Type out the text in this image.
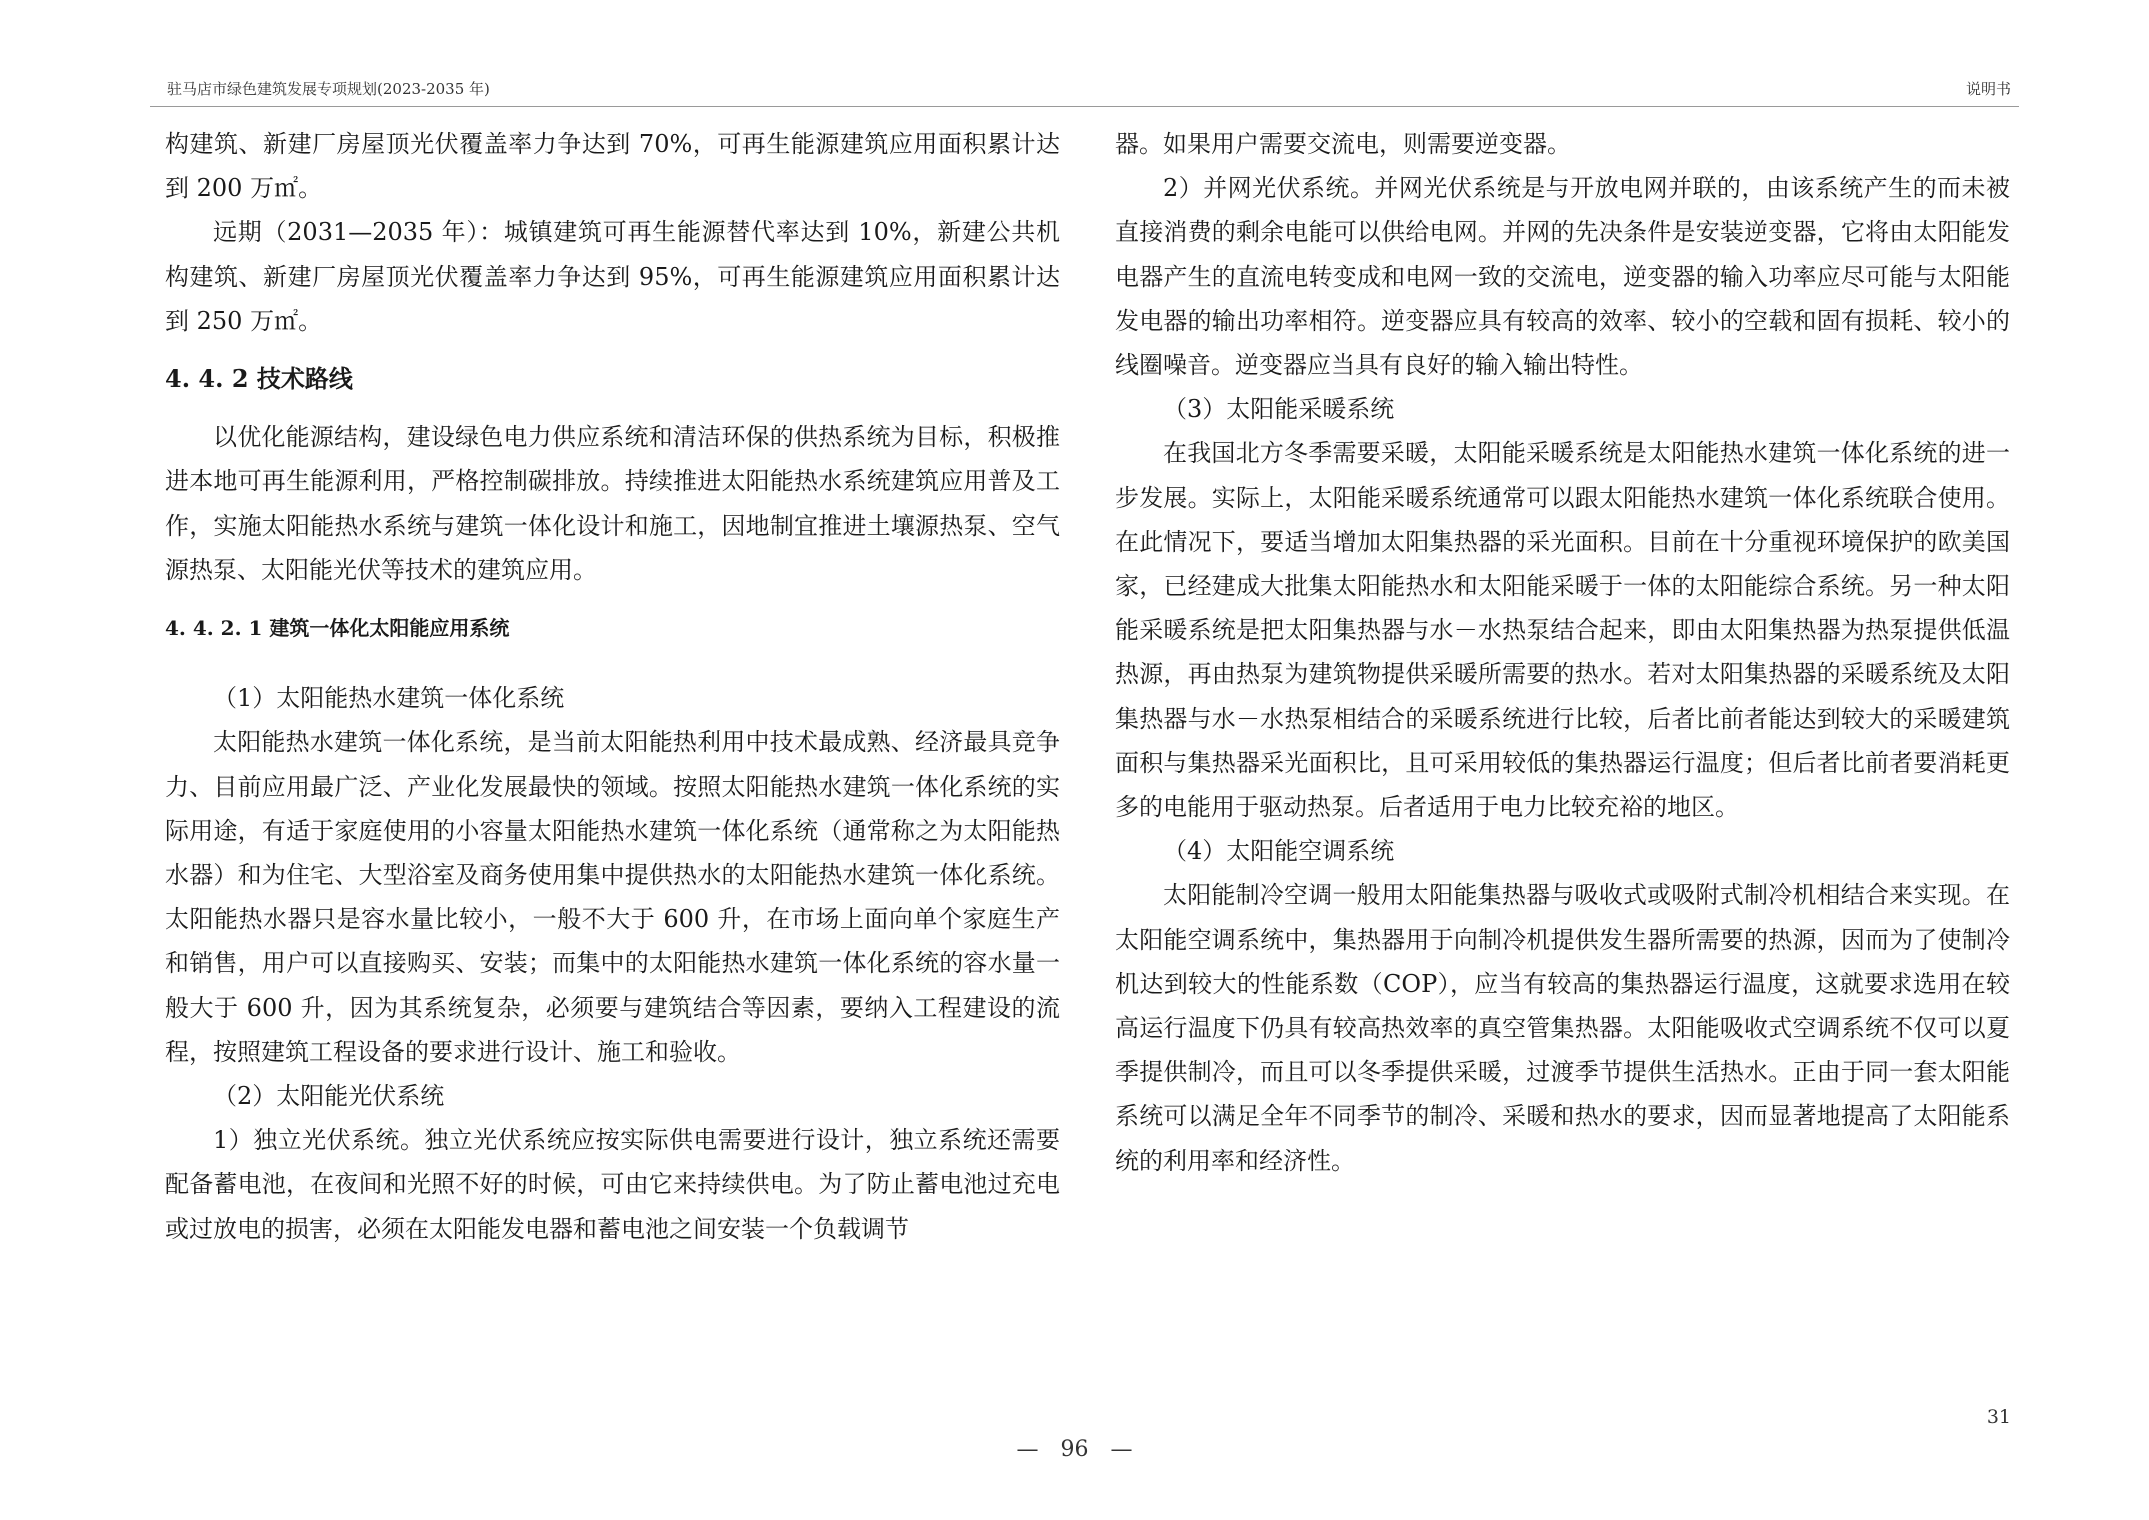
驻马店市绿色建筑发展专项规划(2023-2035 年)	说明书

构建筑、新建厂房屋顶光伏覆盖率力争达到 70%，可再生能源建筑应用面积累计达到 200 万㎡。

远期（2031—2035 年）：城镇建筑可再生能源替代率达到 10%，新建公共机构建筑、新建厂房屋顶光伏覆盖率力争达到 95%，可再生能源建筑应用面积累计达到 250 万㎡。

4. 4. 2 技术路线

以优化能源结构，建设绿色电力供应系统和清洁环保的供热系统为目标，积极推进本地可再生能源利用，严格控制碳排放。持续推进太阳能热水系统建筑应用普及工作，实施太阳能热水系统与建筑一体化设计和施工，因地制宜推进土壤源热泵、空气源热泵、太阳能光伏等技术的建筑应用。

4. 4. 2. 1 建筑一体化太阳能应用系统

（1）太阳能热水建筑一体化系统

太阳能热水建筑一体化系统，是当前太阳能热利用中技术最成熟、经济最具竞争力、目前应用最广泛、产业化发展最快的领域。按照太阳能热水建筑一体化系统的实际用途，有适于家庭使用的小容量太阳能热水建筑一体化系统（通常称之为太阳能热水器）和为住宅、大型浴室及商务使用集中提供热水的太阳能热水建筑一体化系统。太阳能热水器只是容水量比较小，一般不大于 600 升，在市场上面向单个家庭生产和销售，用户可以直接购买、安装；而集中的太阳能热水建筑一体化系统的容水量一般大于 600 升，因为其系统复杂，必须要与建筑结合等因素，要纳入工程建设的流程，按照建筑工程设备的要求进行设计、施工和验收。

（2）太阳能光伏系统

1）独立光伏系统。独立光伏系统应按实际供电需要进行设计，独立系统还需要配备蓄电池，在夜间和光照不好的时候，可由它来持续供电。为了防止蓄电池过充电或过放电的损害，必须在太阳能发电器和蓄电池之间安装一个负载调节

器。如果用户需要交流电，则需要逆变器。

2）并网光伏系统。并网光伏系统是与开放电网并联的，由该系统产生的而未被直接消费的剩余电能可以供给电网。并网的先决条件是安装逆变器，它将由太阳能发电器产生的直流电转变成和电网一致的交流电，逆变器的输入功率应尽可能与太阳能发电器的输出功率相符。逆变器应具有较高的效率、较小的空载和固有损耗、较小的线圈噪音。逆变器应当具有良好的输入输出特性。

（3）太阳能采暖系统

在我国北方冬季需要采暖，太阳能采暖系统是太阳能热水建筑一体化系统的进一步发展。实际上，太阳能采暖系统通常可以跟太阳能热水建筑一体化系统联合使用。在此情况下，要适当增加太阳集热器的采光面积。目前在十分重视环境保护的欧美国家，已经建成大批集太阳能热水和太阳能采暖于一体的太阳能综合系统。另一种太阳能采暖系统是把太阳集热器与水－水热泵结合起来，即由太阳集热器为热泵提供低温热源，再由热泵为建筑物提供采暖所需要的热水。若对太阳集热器的采暖系统及太阳集热器与水－水热泵相结合的采暖系统进行比较，后者比前者能达到较大的采暖建筑面积与集热器采光面积比，且可采用较低的集热器运行温度；但后者比前者要消耗更多的电能用于驱动热泵。后者适用于电力比较充裕的地区。

（4）太阳能空调系统

太阳能制冷空调一般用太阳能集热器与吸收式或吸附式制冷机相结合来实现。在太阳能空调系统中，集热器用于向制冷机提供发生器所需要的热源，因而为了使制冷机达到较大的性能系数（COP），应当有较高的集热器运行温度，这就要求选用在较高运行温度下仍具有较高热效率的真空管集热器。太阳能吸收式空调系统不仅可以夏季提供制冷，而且可以冬季提供采暖，过渡季节提供生活热水。正由于同一套太阳能系统可以满足全年不同季节的制冷、采暖和热水的要求，因而显著地提高了太阳能系统的利用率和经济性。

31
—　96　—
